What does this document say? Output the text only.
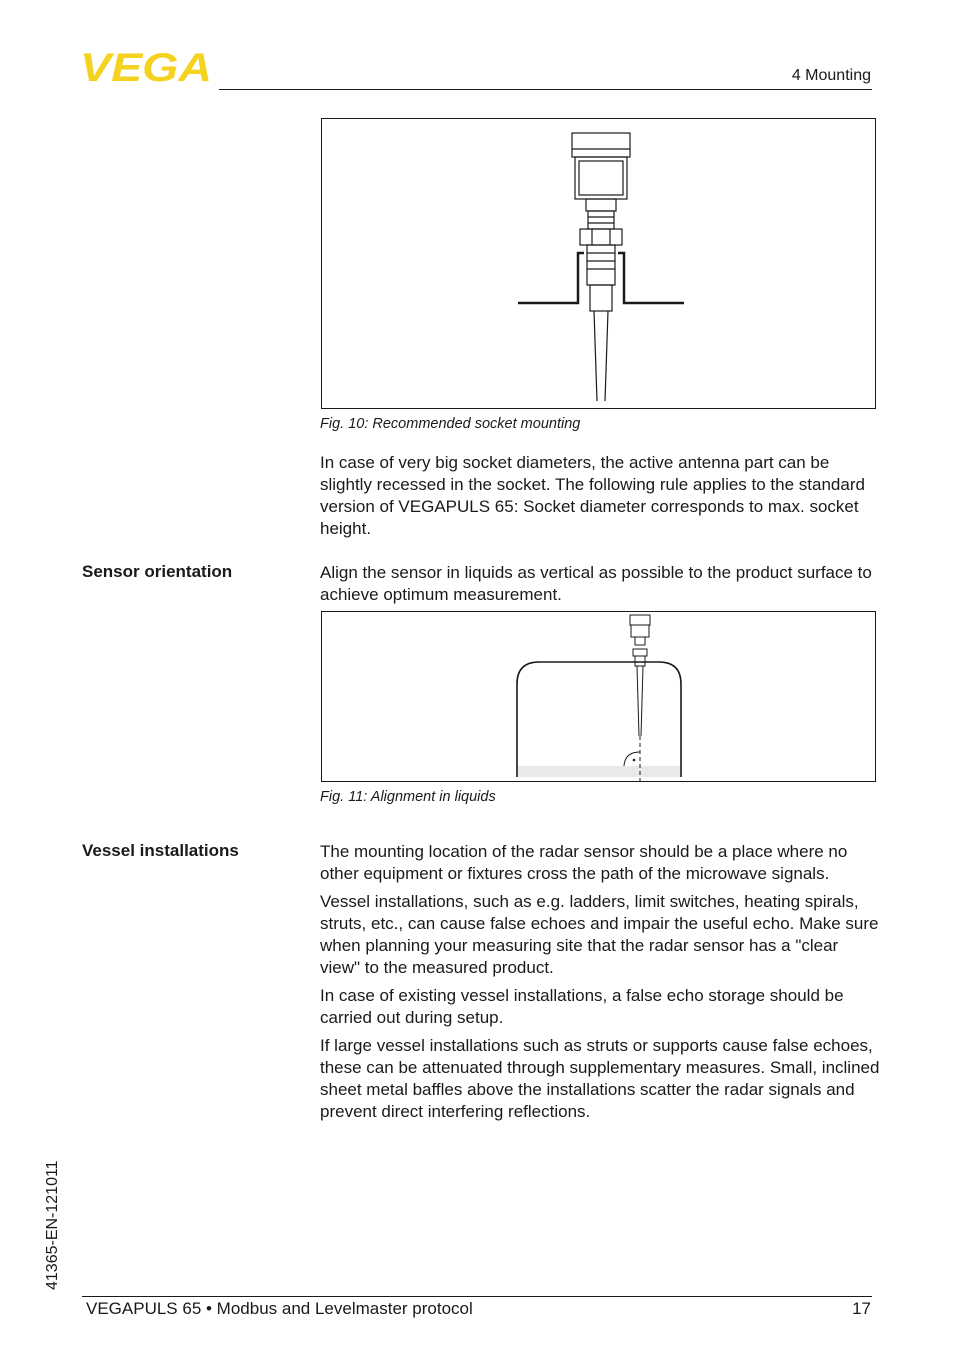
VEGA	4 Mounting
Fig. 10: Recommended socket mounting

In case of very big socket diameters, the active antenna part can be slightly recessed in the socket. The following rule applies to the standard version of VEGAPULS 65: Socket diameter corresponds to max. socket height.

Sensor orientation	Align the sensor in liquids as vertical as possible to the product surface to achieve optimum measurement.

Fig. 11: Alignment in liquids
Vessel installations	The mounting location of the radar sensor should be a place where no other equipment or fixtures cross the path of the microwave signals.

Vessel installations, such as e.g. ladders, limit switches, heating spirals, struts, etc., can cause false echoes and impair the useful echo. Make sure when planning your measuring site that the radar sensor has a "clear view" to the measured product.

In case of existing vessel installations, a false echo storage should be carried out during setup.

If large vessel installations such as struts or supports cause false echoes, these can be attenuated through supplementary measures. Small, inclined sheet metal baffles above the installations scatter the radar signals and prevent direct interfering reflections.

41365-EN-121011
VEGAPULS 65 • Modbus and Levelmaster protocol	17
